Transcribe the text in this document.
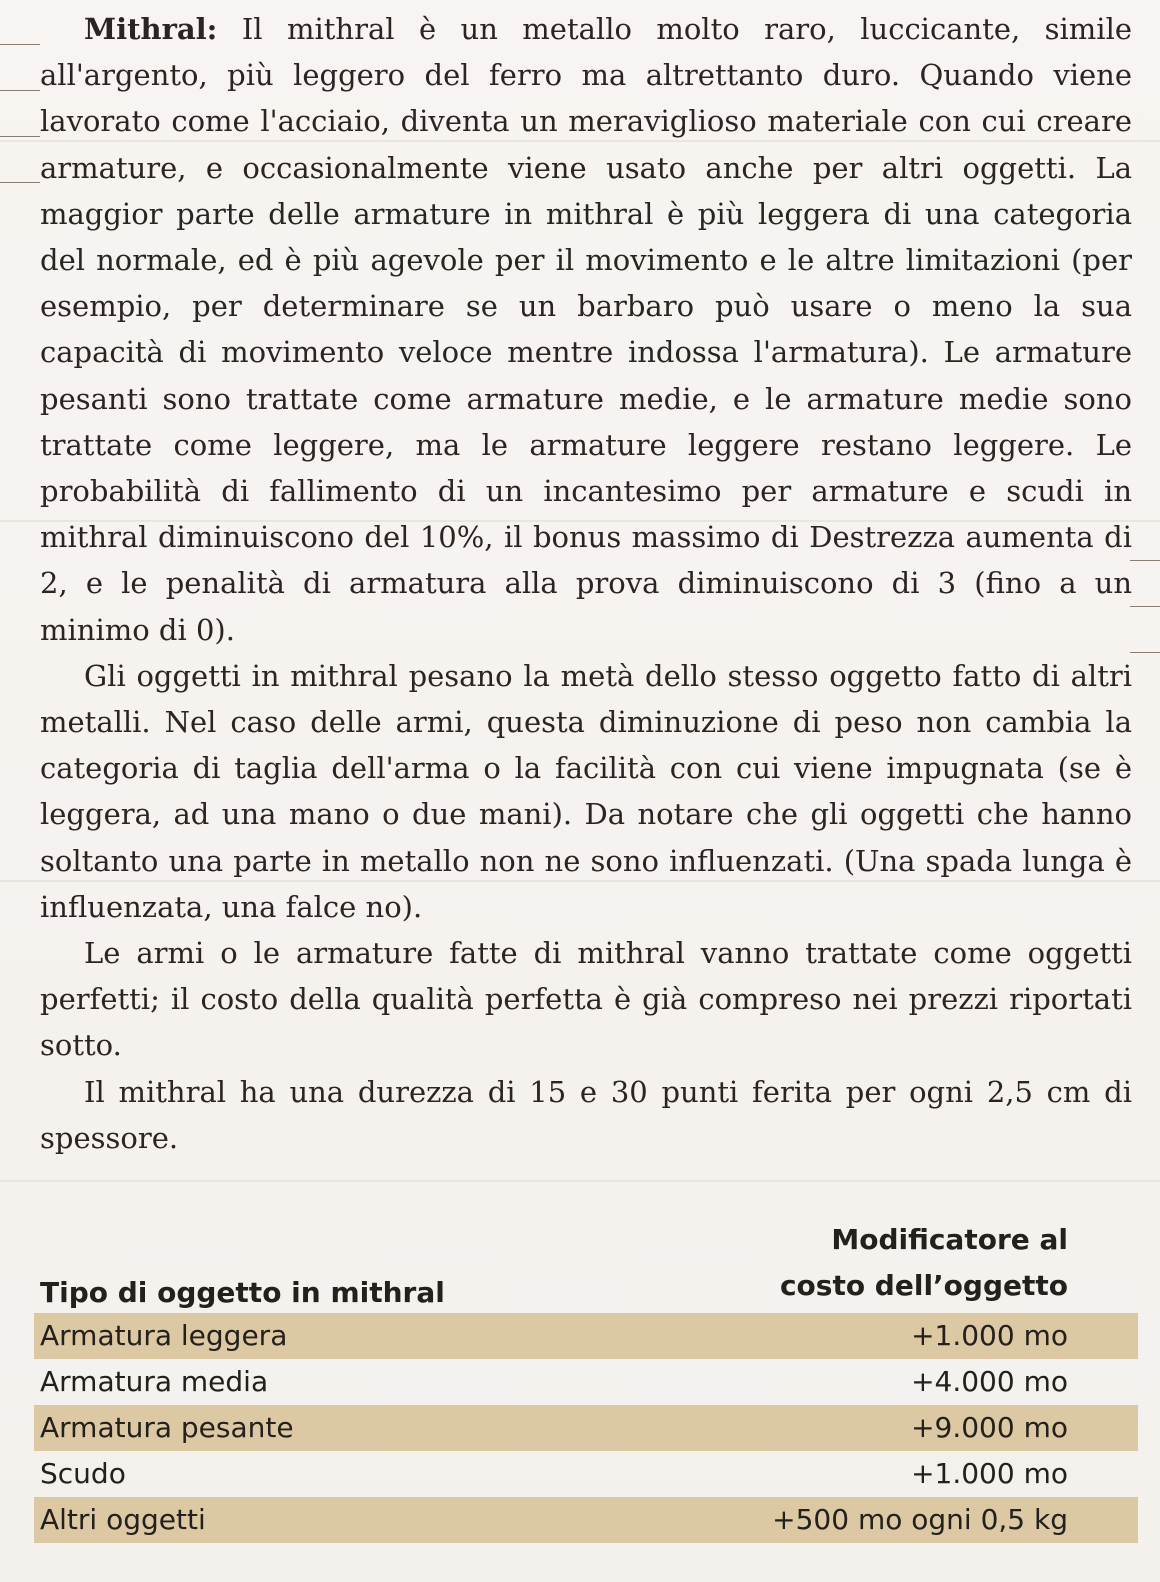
Mithral: Il mithral è un metallo molto raro, luccicante, simile all'argento, più leggero del ferro ma altrettanto duro. Quando viene lavorato come l'acciaio, diventa un meraviglioso materiale con cui creare armature, e occasionalmente viene usato anche per altri oggetti. La maggior parte delle armature in mithral è più leggera di una categoria del normale, ed è più agevole per il movimento e le altre limitazioni (per esempio, per determinare se un barbaro può usare o meno la sua capacità di movimento veloce mentre indossa l'armatura). Le armature pesanti sono trattate come armature medie, e le armature medie sono trattate come leggere, ma le armature leggere restano leggere. Le probabilità di fallimento di un incantesimo per armature e scudi in mithral diminuiscono del 10%, il bonus massimo di Destrezza aumenta di 2, e le penalità di armatura alla prova diminuiscono di 3 (fino a un minimo di 0).

Gli oggetti in mithral pesano la metà dello stesso oggetto fatto di altri metalli. Nel caso delle armi, questa diminuzione di peso non cambia la categoria di taglia dell'arma o la facilità con cui viene impugnata (se è leggera, ad una mano o due mani). Da notare che gli oggetti che hanno soltanto una parte in metallo non ne sono influenzati. (Una spada lunga è influenzata, una falce no).

Le armi o le armature fatte di mithral vanno trattate come oggetti perfetti; il costo della qualità perfetta è già compreso nei prezzi riportati sotto.

Il mithral ha una durezza di 15 e 30 punti ferita per ogni 2,5 cm di spessore.

Tipo di oggetto in mithral
Modificatore al
costo dell’oggetto
Armatura leggera	+1.000 mo
Armatura media	+4.000 mo
Armatura pesante	+9.000 mo
Scudo	+1.000 mo
Altri oggetti	+500 mo ogni 0,5 kg
